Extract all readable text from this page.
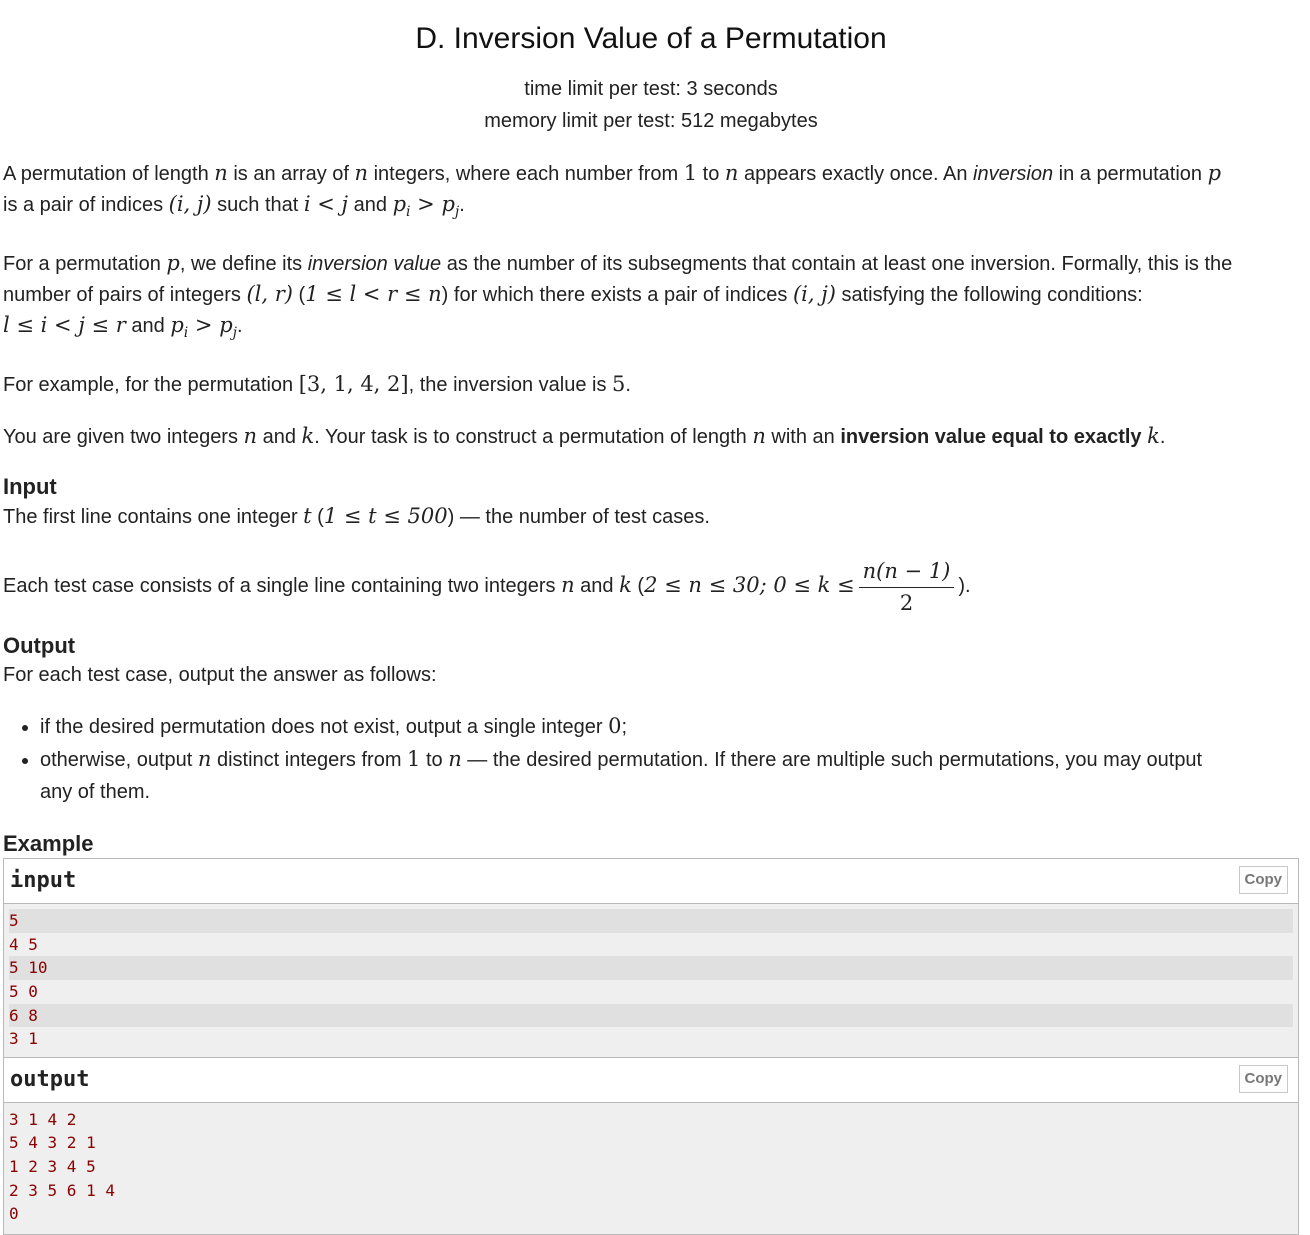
D. Inversion Value of a Permutation
time limit per test: 3 seconds
memory limit per test: 512 megabytes

A permutation of length n is an array of n integers, where each number from 1 to n appears exactly once. An inversion in a permutation p
is a pair of indices (i, j) such that i < j and $p_i > p_j$.

For a permutation p, we define its inversion value as the number of its subsegments that contain at least one inversion. Formally, this is the
number of pairs of integers (l, r) (1 ≤ l < r ≤ n) for which there exists a pair of indices (i, j) satisfying the following conditions:
l ≤ i < j ≤ r and $p_i > p_j$.

For example, for the permutation [3, 1, 4, 2], the inversion value is 5.

You are given two integers n and k. Your task is to construct a permutation of length n with an inversion value equal to exactly k.

Input

The first line contains one integer t (1 ≤ t ≤ 500) — the number of test cases.

Each test case consists of a single line containing two integers n and k (2 ≤ n ≤ 30; $0 \le k \le \frac{n(n - 1)}{2}$ ).

Output

For each test case, output the answer as follows:

• if the desired permutation does not exist, output a single integer 0;
• otherwise, output n distinct integers from 1 to n — the desired permutation. If there are multiple such permutations, you may output
any of them.
Example
input	Copy
5
4 5
5 10
5 0
6 8
3 1
output	Copy
3 1 4 2
5 4 3 2 1
1 2 3 4 5
2 3 5 6 1 4
0
